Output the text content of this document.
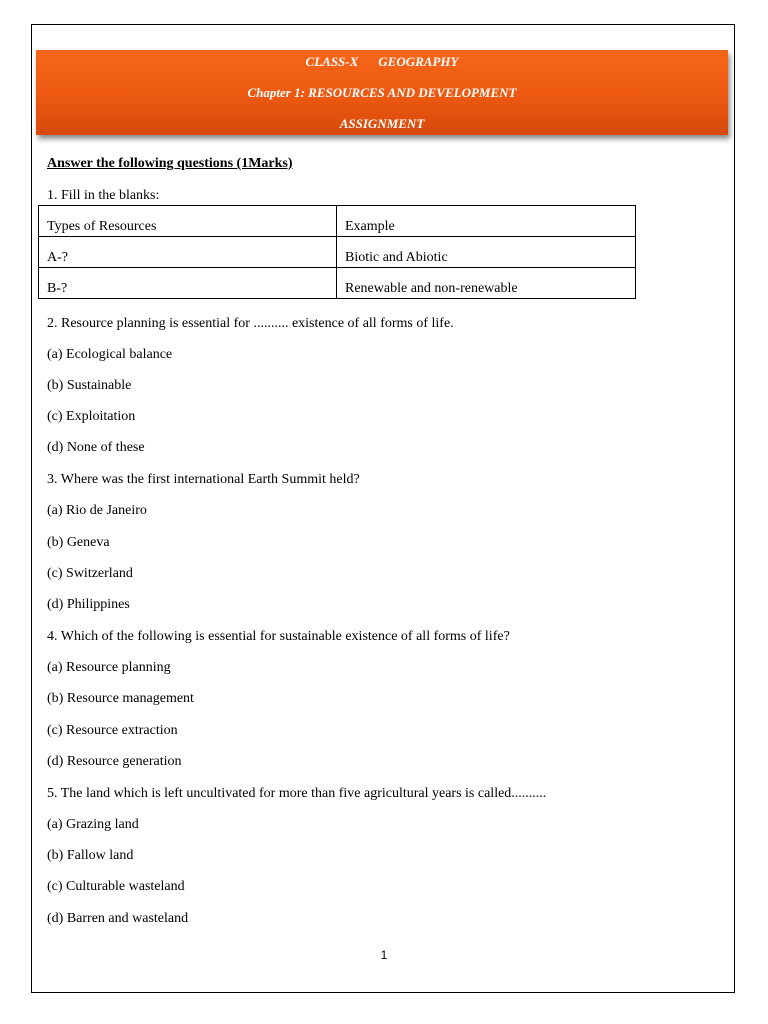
CLASS-X GEOGRAPHY
Chapter 1: RESOURCES AND DEVELOPMENT
ASSIGNMENT
Answer the following questions (1Marks)
1. Fill in the blanks:
Types of Resources	Example
A-?	Biotic and Abiotic
B-?	Renewable and non-renewable
2. Resource planning is essential for .......... existence of all forms of life.
(a) Ecological balance
(b) Sustainable
(c) Exploitation
(d) None of these
3. Where was the first international Earth Summit held?
(a) Rio de Janeiro
(b) Geneva
(c) Switzerland
(d) Philippines
4. Which of the following is essential for sustainable existence of all forms of life?
(a) Resource planning
(b) Resource management
(c) Resource extraction
(d) Resource generation
5. The land which is left uncultivated for more than five agricultural years is called..........
(a) Grazing land
(b) Fallow land
(c) Culturable wasteland
(d) Barren and wasteland
1
